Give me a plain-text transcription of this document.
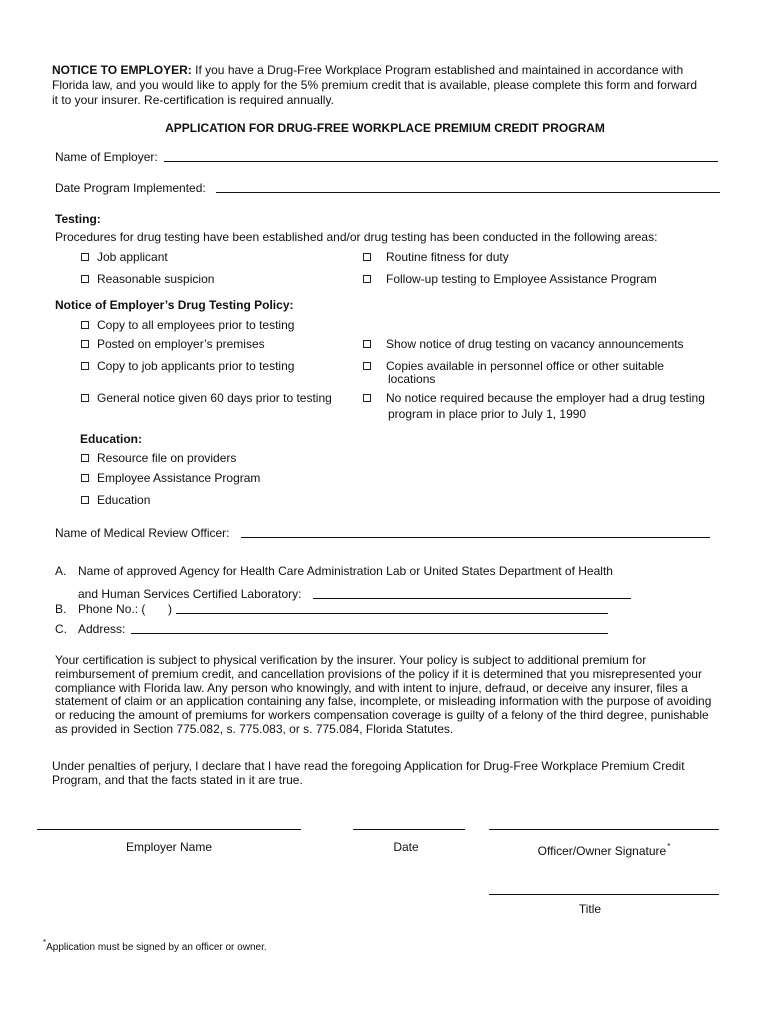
NOTICE TO EMPLOYER: If you have a Drug-Free Workplace Program established and maintained in accordance with
Florida law, and you would like to apply for the 5% premium credit that is available, please complete this form and forward
it to your insurer. Re-certification is required annually.
APPLICATION FOR DRUG-FREE WORKPLACE PREMIUM CREDIT PROGRAM
Name of Employer:
Date Program Implemented:
Testing:
Procedures for drug testing have been established and/or drug testing has been conducted in the following areas:
Job applicant	Routine fitness for duty
Reasonable suspicion	Follow-up testing to Employee Assistance Program
Notice of Employer’s Drug Testing Policy:
Copy to all employees prior to testing
Posted on employer’s premises	Show notice of drug testing on vacancy announcements
Copy to job applicants prior to testing	Copies available in personnel office or other suitable
locations
General notice given 60 days prior to testing	No notice required because the employer had a drug testing
program in place prior to July 1, 1990
Education:
Resource file on providers
Employee Assistance Program
Education
Name of Medical Review Officer:
A. Name of approved Agency for Health Care Administration Lab or United States Department of Health
and Human Services Certified Laboratory:
B. Phone No.: ( )
C. Address:
Your certification is subject to physical verification by the insurer. Your policy is subject to additional premium for reimbursement of premium credit, and cancellation provisions of the policy if it is determined that you misrepresented your compliance with Florida law. Any person who knowingly, and with intent to injure, defraud, or deceive any insurer, files a statement of claim or an application containing any false, incomplete, or misleading information with the purpose of avoiding or reducing the amount of premiums for workers compensation coverage is guilty of a felony of the third degree, punishable as provided in Section 775.082, s. 775.083, or s. 775.084, Florida Statutes.
Under penalties of perjury, I declare that I have read the foregoing Application for Drug-Free Workplace Premium Credit Program, and that the facts stated in it are true.
Employer Name	Date	Officer/Owner Signature*
Title
*Application must be signed by an officer or owner.
